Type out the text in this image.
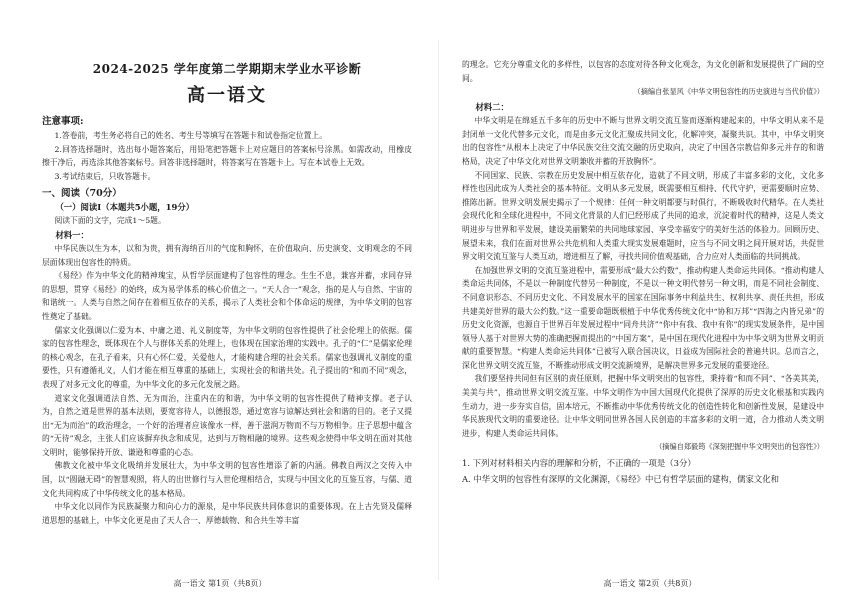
2024-2025 学年度第二学期期末学业水平诊断
高一语文
注意事项:

1.答卷前，考生务必将自己的姓名、考生号等填写在答题卡和试卷指定位置上。

2.回答选择题时，选出每小题答案后，用铅笔把答题卡上对应题目的答案标号涂黑。如需改动，用橡皮擦干净后，再选涂其他答案标号。回答非选择题时，将答案写在答题卡上。写在本试卷上无效。

3.考试结束后，只收答题卡。

一、阅读（70分）
（一）阅读Ⅰ（本题共5小题，19分）

阅读下面的文字，完成1～5题。

材料一：

中华民族以生为本，以和为贵，拥有海纳百川的气度和胸怀，在价值取向、历史演变、文明观念的不同层面体现出包容性的特质。

《易经》作为中华文化的精神瑰宝，从哲学层面建构了包容性的理念。生生不息，兼容并蓄，求同存异的思想，贯穿《易经》的始终，成为易学体系的核心价值之一。“天人合一”观念，指的是人与自然、宇宙的和谐统一。人类与自然之间存在着相互依存的关系，揭示了人类社会和个体命运的规律，为中华文明的包容性奠定了基础。

儒家文化强调以仁爱为本、中庸之道、礼义制度等，为中华文明的包容性提供了社会伦理上的依据。儒家的包容性理念，既体现在个人与群体关系的处理上，也体现在国家治理的实践中。孔子的“仁”是儒家伦理的核心观念，在孔子看来，只有心怀仁爱，关爱他人，才能构建合理的社会关系。儒家也强调礼义制度的重要性，只有遵循礼义，人们才能在相互尊重的基础上，实现社会的和谐共处。孔子提出的“和而不同”观念，表现了对多元文化的尊重，为中华文化的多元化发展之路。

道家文化强调道法自然、无为而治，注重内在的和谐，为中华文明的包容性提供了精神支撑。老子认为，自然之道是世界的基本法则，要宽容待人，以德报怨，通过宽容与谅解达到社会和谐的目的。老子又提出“无为而治”的政治理念，一个好的治理者应该像水一样，善于滋润万物而不与万物相争。庄子思想中蕴含的“无待”观念，主张人们应该摒弃执念和成见，达到与万物相融的境界。这些观念使得中华文明在面对其他文明时，能够保持开放、谦逊和尊重的心态。

佛教文化被中华文化吸纳并发展壮大，为中华文明的包容性增添了新的内涵。佛教自两汉之交传入中国，以“圆融无碍”的智慧观照，将人的出世修行与入世伦理相结合，实现与中国文化的互鉴互容，与儒、道文化共同构成了中华传统文化的基本格局。

中华文化以同作为民族凝聚力和向心力的源泉，是中华民族共同体意识的重要体现。在上古先贤及儒释道思想的基础上，中华文化更是由了天人合一、厚德载物、和合共生等丰富

高一语文 第1页（共8页）

的理念。它充分尊重文化的多样性，以包容的态度对待各种文化观念，为文化创新和发展提供了广阔的空间。

（摘编自张显风《中华文明包容性的历史演进与当代价值》）
材料二：

中华文明是在绵延五千多年的历史中不断与世界文明交流互鉴而逐渐构建起来的，中华文明从来不是封闭单一文化代替多元文化，而是由多元文化汇聚成共同文化，化解冲突，凝聚共识。其中，中华文明突出的包容性“从根本上决定了中华民族交往交流交融的历史取向，决定了中国各宗教信仰多元并存的和谐格局，决定了中华文化对世界文明兼收并蓄的开放胸怀”。

不同国家、民族、宗教在历史发展中相互依存化，造就了不同文明，形成了丰富多彩的文化，文化多样性也因此成为人类社会的基本特征。文明从多元发展，既需要相互相持、代代守护，更需要顺时应势、推陈出新。世界文明发展史揭示了一个规律：任何一种文明都要与时俱行，不断吸收时代精华。在人类社会现代化和全球化进程中，不同文化背景的人们已经形成了共同的追求，沉淀着时代的精神，这是人类文明进步与世界和平发展，建设美丽繁荣的共同地球家园、享受幸福安宁的美好生活的体验力。回顾历史、展望未来，我们在面对世界公共危机和人类重大现实发展难题时，应当与不同文明之间开展对话，共促世界文明交流互鉴与人类互动，增进相互了解，寻找共同价值观基础，合力应对人类面临的共同挑战。

在加强世界文明的交流互鉴进程中，需要形成“最大公约数”，推动构建人类命运共同体。“推动构建人类命运共同体，不是以一种制度代替另一种制度，不是以一种文明代替另一种文明，而是不同社会制度、不同意识形态、不同历史文化、不同发展水平的国家在国际事务中利益共生、权利共享、责任共担，形成共建美好世界的最大公约数。”这一重要命题既根植于中华优秀传统文化中“协和万邦”“四海之内皆兄弟”的历史文化资源，也源自于世界百年发展过程中“同舟共济”“你中有我、我中有你”的现实发展条件，是中国领导人基于对世界大势的准确把握而提出的“中国方案”，是中国在现代化进程中为中华文明为世界文明贡献的重要智慧。“构建人类命运共同体”已被写入联合国决议，日益成为国际社会的普遍共识。总而言之，深化世界文明交流互鉴，不断推动形成文明交流新境界，是解决世界多元发展的重要途径。

我们要坚持共同但有区别的责任原则，把握中华文明突出的包容性，秉持着“和而不同”、“各美其美，美美与共”，推动世界文明交流互鉴。中华文明作为中国大国现代化提供了深厚的历史文化根基和实践内生动力，进一步夯实自信，固本培元，不断推动中华优秀传统文化的创造性转化和创新性发展，是建设中华民族现代文明的重要途径。让中华文明同世界各国人民创造的丰富多彩的文明一道，合力推动人类文明进步，构建人类命运共同体。

（摘编自郑毅筠《深刻把握中华文明突出的包容性》）

1. 下列对材料相关内容的理解和分析，不正确的一项是（3分）

A. 中华文明的包容性有深厚的文化渊源，《易经》中已有哲学层面的建构，儒家文化和

高一语文 第2页（共8页）
